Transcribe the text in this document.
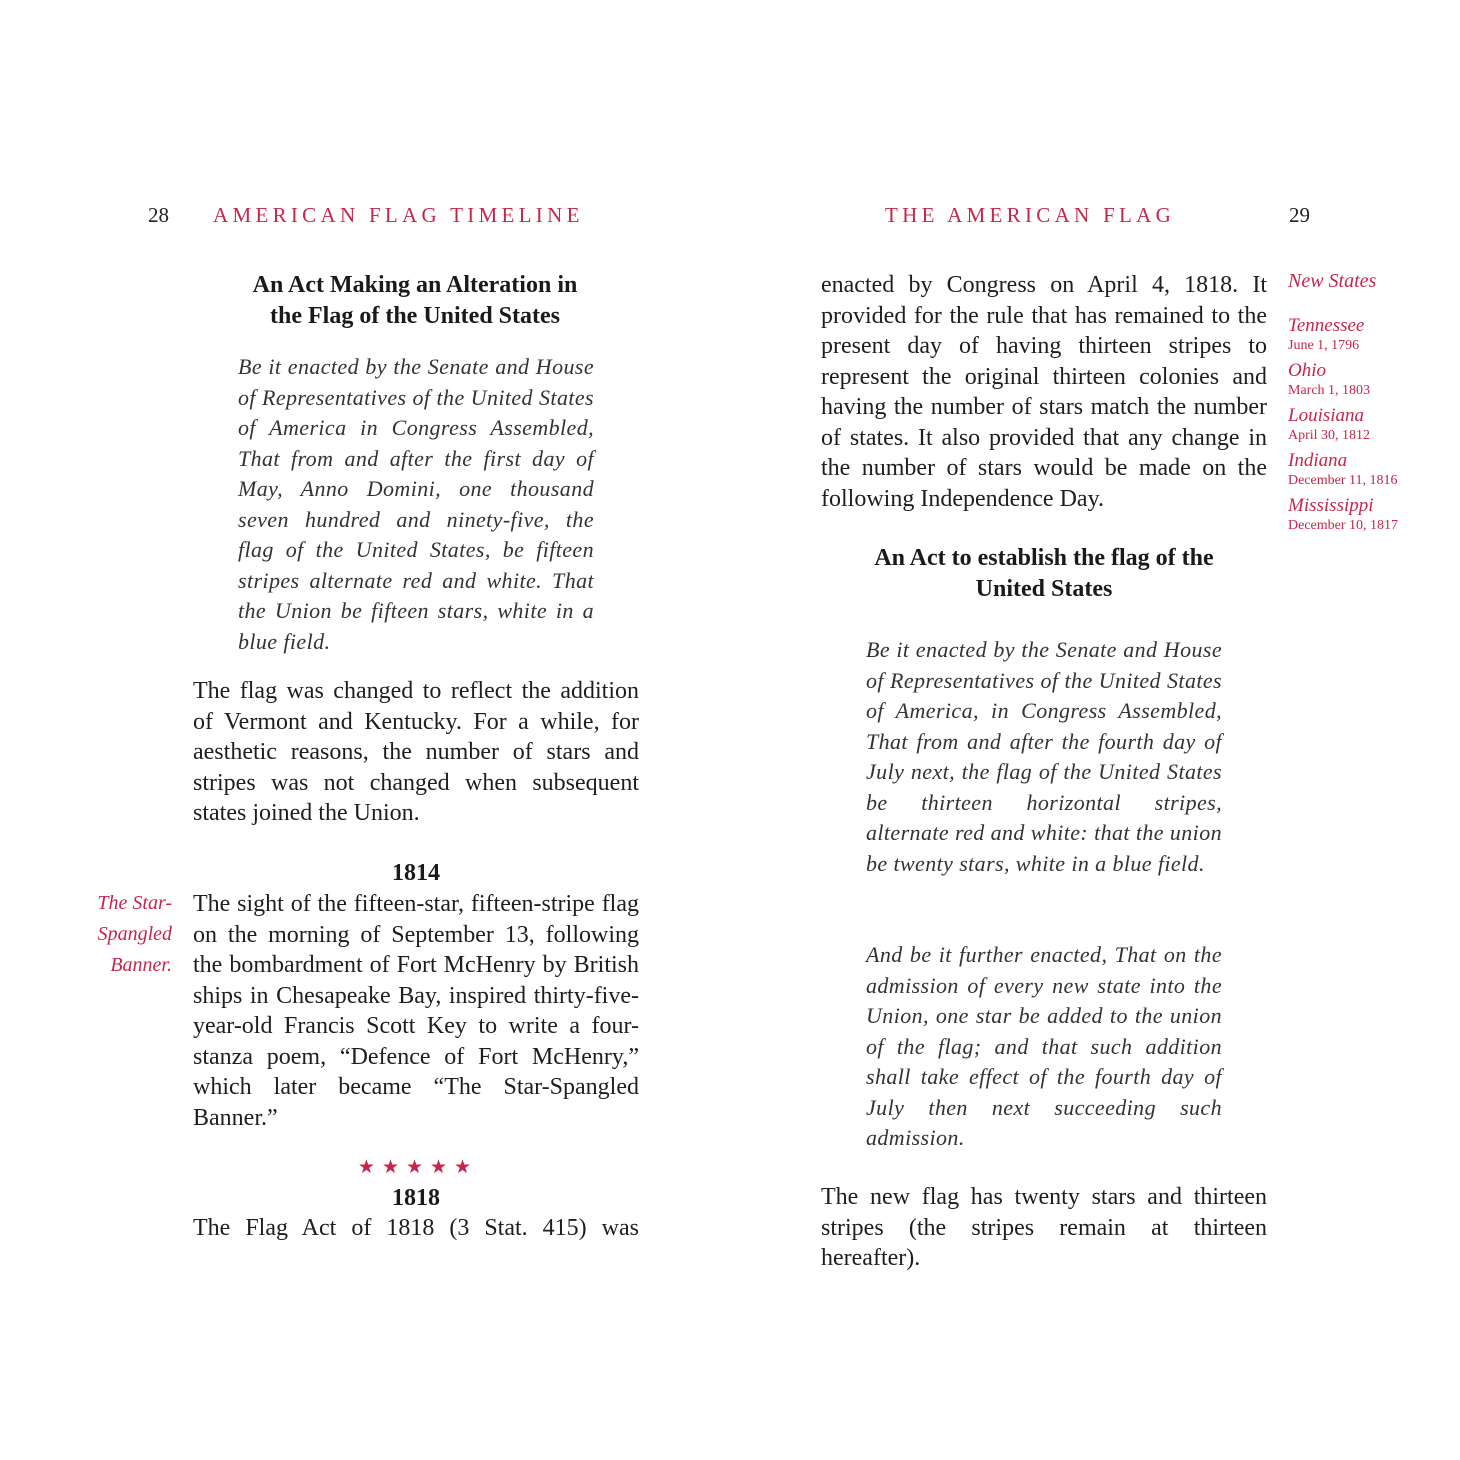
28 AMERICAN FLAG TIMELINE
An Act Making an Alteration in
the Flag of the United States

Be it enacted by the Senate and House of Representatives of the United States of America in Congress Assembled, That from and after the first day of May, Anno Domini, one thousand seven hundred and ninety-five, the flag of the United States, be fifteen stripes alternate red and white. That the Union be fifteen stars, white in a blue field.

The flag was changed to reflect the addition of Vermont and Kentucky. For a while, for aesthetic reasons, the number of stars and stripes was not changed when subsequent states joined the Union.

1814
The Star-
Spangled
Banner.

The sight of the fifteen-star, fifteen-stripe flag on the morning of September 13, following the bombardment of Fort McHenry by British ships in Chesapeake Bay, inspired thirty-five-year-old Francis Scott Key to write a four-stanza poem, “Defence of Fort McHenry,” which later became “The Star-Spangled Banner.”

★★★★★
1818

The Flag Act of 1818 (3 Stat. 415) was

THE AMERICAN FLAG	29

enacted by Congress on April 4, 1818. It provided for the rule that has remained to the present day of having thirteen stripes to represent the original thirteen colonies and having the number of stars match the number of states. It also provided that any change in the number of stars would be made on the following Independence Day.

An Act to establish the flag of the
United States

Be it enacted by the Senate and House of Representatives of the United States of America, in Congress Assembled, That from and after the fourth day of July next, the flag of the United States be thirteen horizontal stripes, alternate red and white: that the union be twenty stars, white in a blue field.

And be it further enacted, That on the admission of every new state into the Union, one star be added to the union of the flag; and that such addition shall take effect of the fourth day of July then next succeeding such admission.

The new flag has twenty stars and thirteen stripes (the stripes remain at thirteen hereafter).

New States
Tennessee
June 1, 1796
Ohio
March 1, 1803
Louisiana
April 30, 1812
Indiana
December 11, 1816
Mississippi
December 10, 1817
